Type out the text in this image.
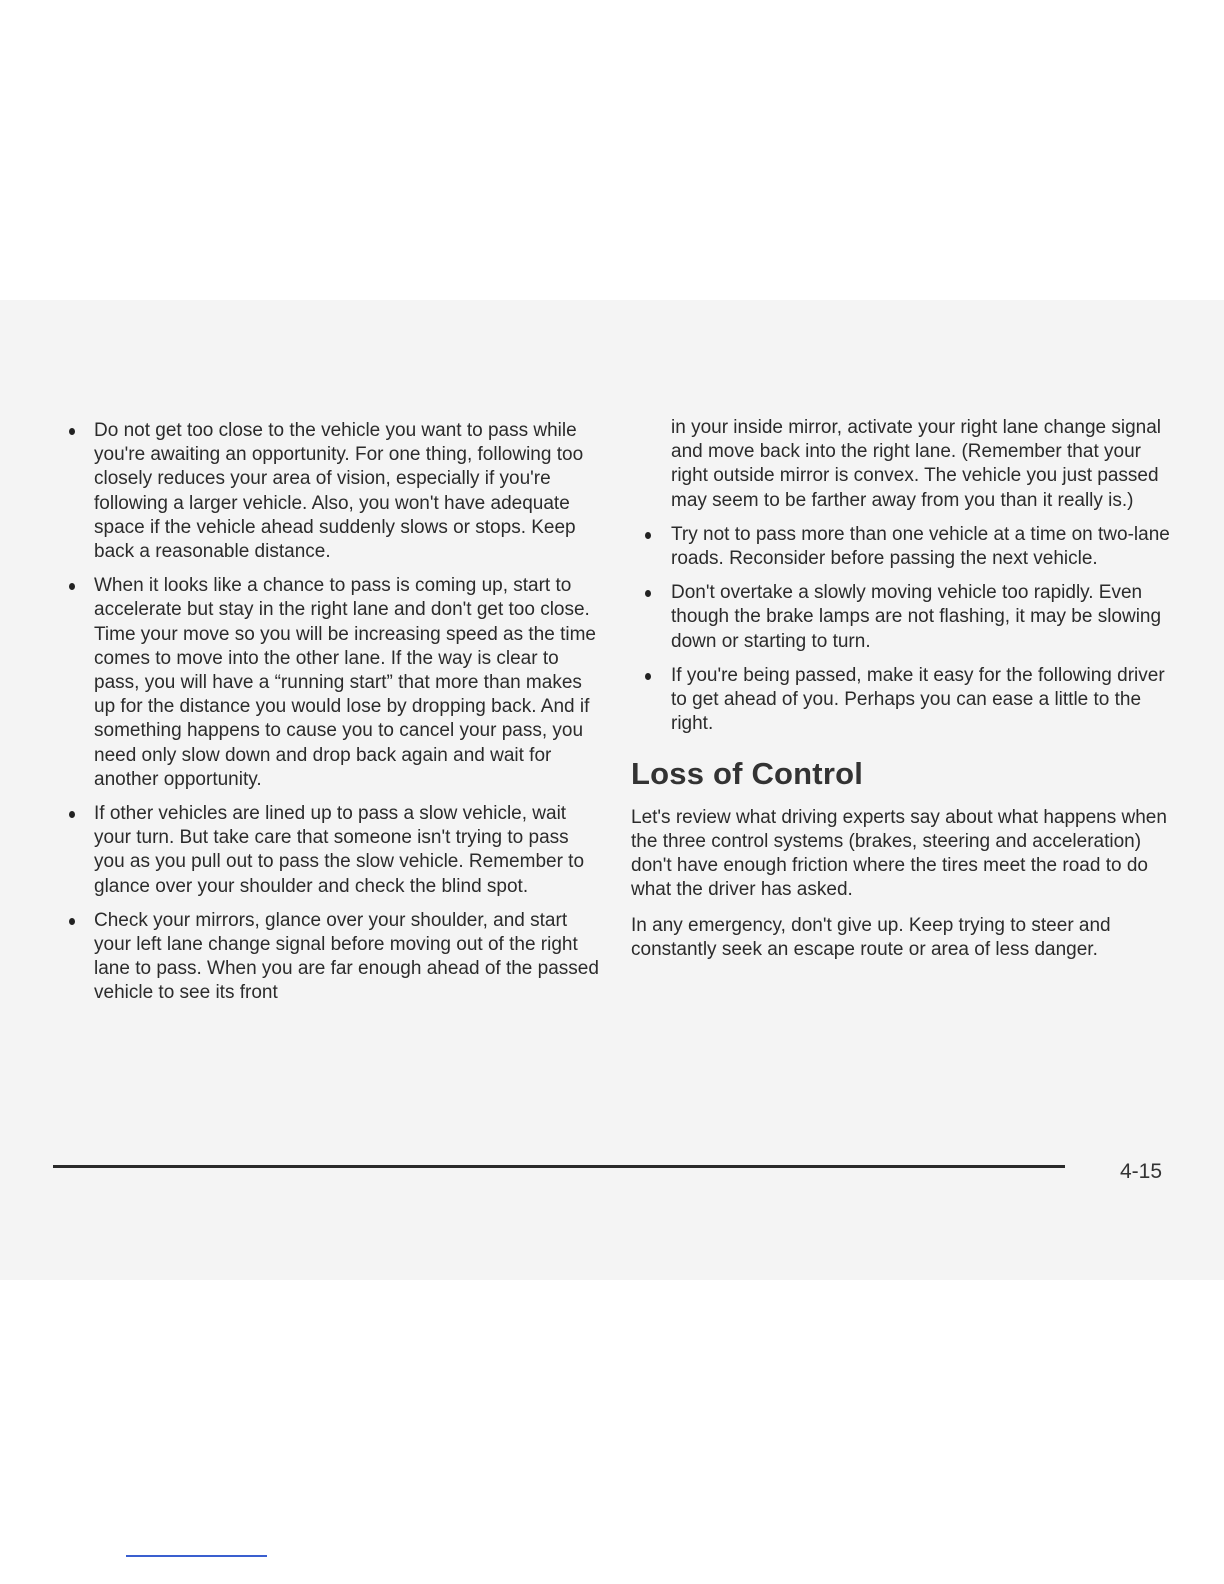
Do not get too close to the vehicle you want to pass while you're awaiting an opportunity. For one thing, following too closely reduces your area of vision, especially if you're following a larger vehicle. Also, you won't have adequate space if the vehicle ahead suddenly slows or stops. Keep back a reasonable distance.
When it looks like a chance to pass is coming up, start to accelerate but stay in the right lane and don't get too close. Time your move so you will be increasing speed as the time comes to move into the other lane. If the way is clear to pass, you will have a “running start” that more than makes up for the distance you would lose by dropping back. And if something happens to cause you to cancel your pass, you need only slow down and drop back again and wait for another opportunity.
If other vehicles are lined up to pass a slow vehicle, wait your turn. But take care that someone isn't trying to pass you as you pull out to pass the slow vehicle. Remember to glance over your shoulder and check the blind spot.
Check your mirrors, glance over your shoulder, and start your left lane change signal before moving out of the right lane to pass. When you are far enough ahead of the passed vehicle to see its front

in your inside mirror, activate your right lane change signal and move back into the right lane. (Remember that your right outside mirror is convex. The vehicle you just passed may seem to be farther away from you than it really is.)

Try not to pass more than one vehicle at a time on two-lane roads. Reconsider before passing the next vehicle.
Don't overtake a slowly moving vehicle too rapidly. Even though the brake lamps are not flashing, it may be slowing down or starting to turn.
If you're being passed, make it easy for the following driver to get ahead of you. Perhaps you can ease a little to the right.
Loss of Control

Let's review what driving experts say about what happens when the three control systems (brakes, steering and acceleration) don't have enough friction where the tires meet the road to do what the driver has asked.

In any emergency, don't give up. Keep trying to steer and constantly seek an escape route or area of less danger.

4-15
